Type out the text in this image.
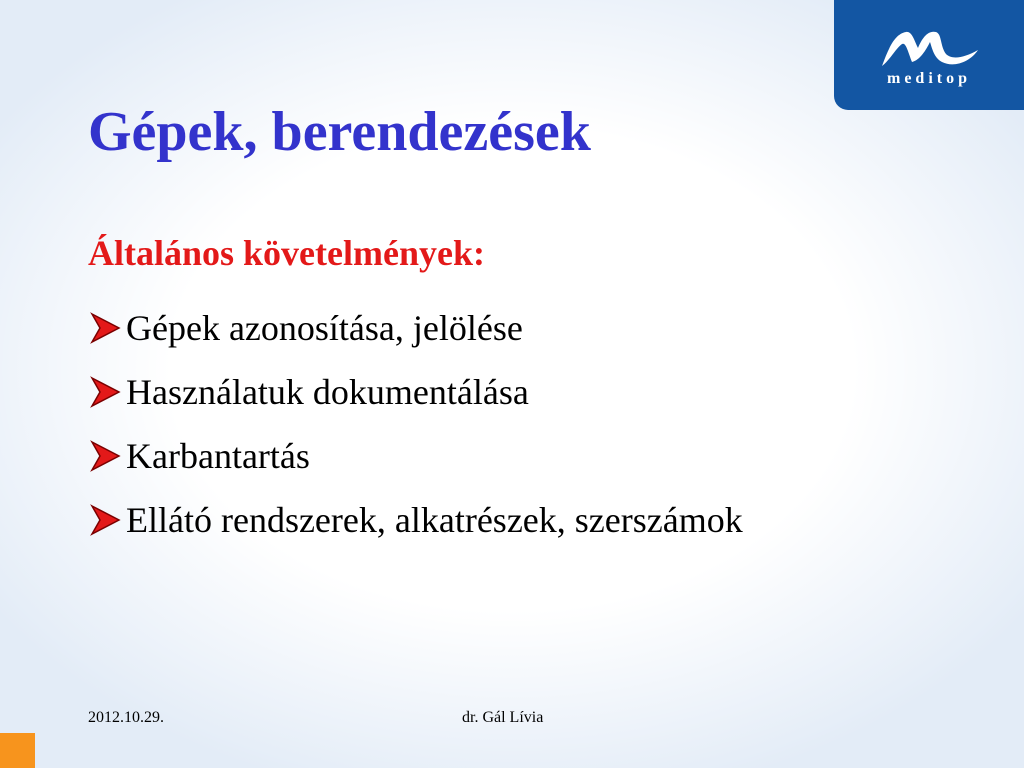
meditop
Gépek, berendezések
Általános követelmények:
Gépek azonosítása, jelölése
Használatuk dokumentálása
Karbantartás
Ellátó rendszerek, alkatrészek, szerszámok
2012.10.29.	dr. Gál Lívia
